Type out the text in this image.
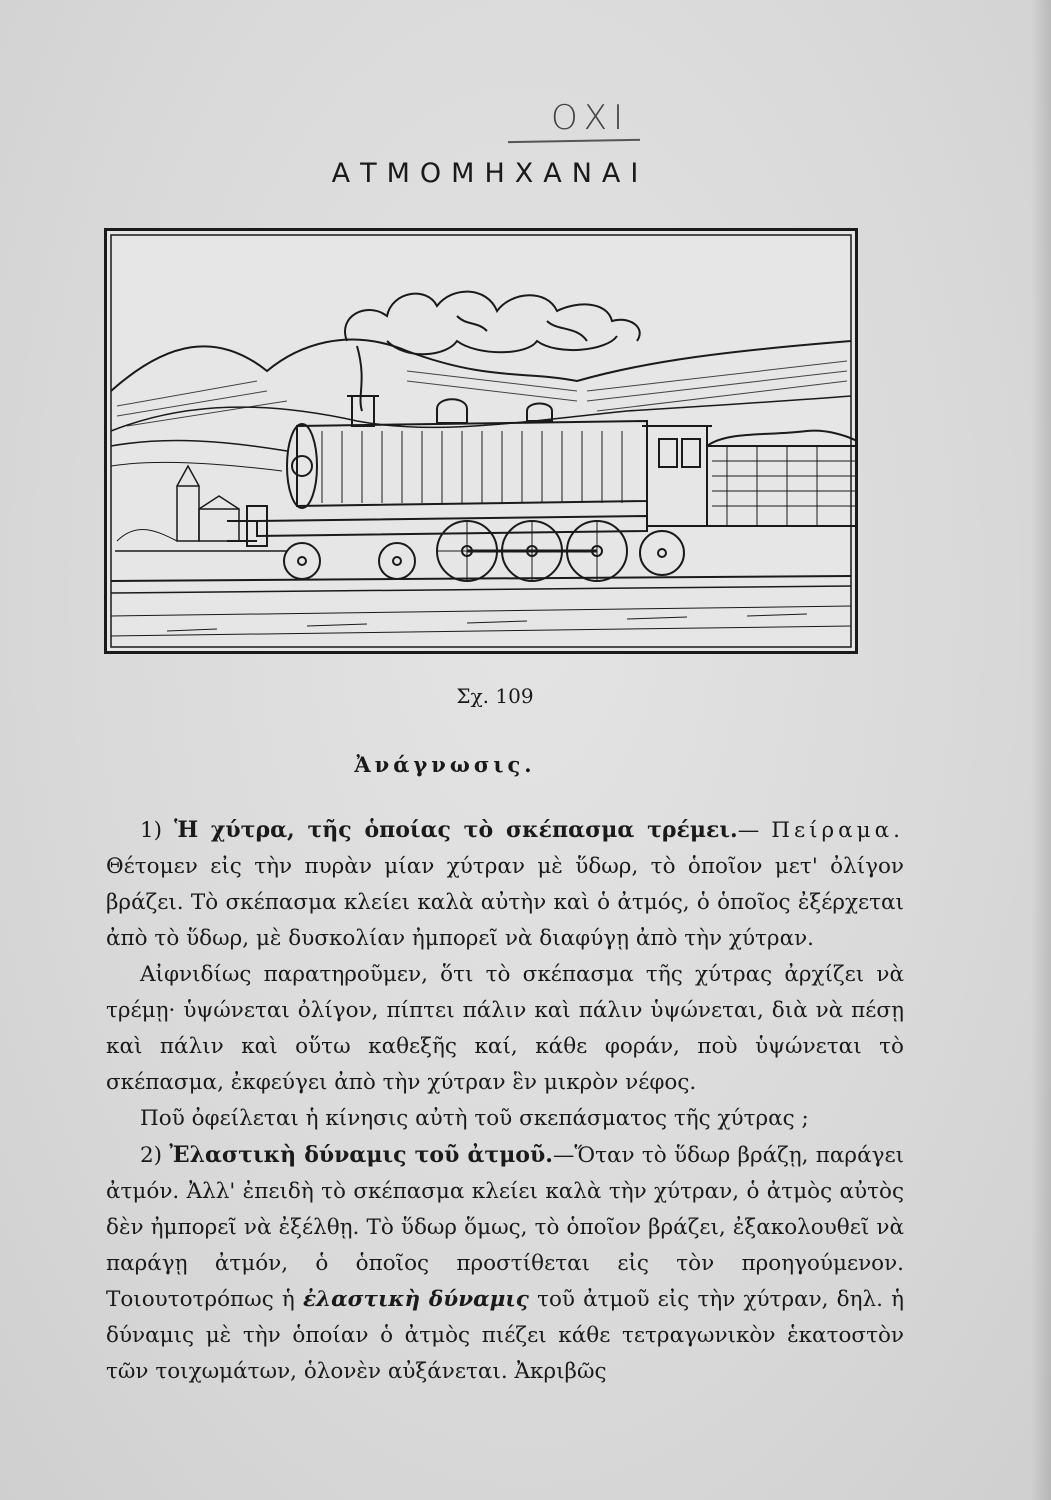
ΟΧΙ
ΑΤΜΟΜΗΧΑΝΑΙ
Σχ. 109
Ἀνάγνωσις.

1) Ἡ χύτρα, τῆς ὁποίας τὸ σκέπασμα τρέμει.— Πείραμα. Θέτομεν εἰς τὴν πυρὰν μίαν χύτραν μὲ ὕδωρ, τὸ ὁποῖον μετ' ὀλίγον βράζει. Τὸ σκέπασμα κλείει καλὰ αὐτὴν καὶ ὁ ἀτμός, ὁ ὁποῖος ἐξέρχεται ἀπὸ τὸ ὕδωρ, μὲ δυσκολίαν ἠμπορεῖ νὰ διαφύγῃ ἀπὸ τὴν χύτραν.

Αἰφνιδίως παρατηροῦμεν, ὅτι τὸ σκέπασμα τῆς χύτρας ἀρχίζει νὰ τρέμῃ· ὑψώνεται ὀλίγον, πίπτει πάλιν καὶ πάλιν ὑψώνεται, διὰ νὰ πέσῃ καὶ πάλιν καὶ οὕτω καθεξῆς καί, κάθε φοράν, ποὺ ὑψώνεται τὸ σκέπασμα, ἐκφεύγει ἀπὸ τὴν χύτραν ἓν μικρὸν νέφος.

Ποῦ ὀφείλεται ἡ κίνησις αὐτὴ τοῦ σκεπάσματος τῆς χύτρας ;

2) Ἐλαστικὴ δύναμις τοῦ ἀτμοῦ.—Ὅταν τὸ ὕδωρ βράζῃ, παράγει ἀτμόν. Ἀλλ' ἐπειδὴ τὸ σκέπασμα κλείει καλὰ τὴν χύτραν, ὁ ἀτμὸς αὐτὸς δὲν ἠμπορεῖ νὰ ἐξέλθῃ. Τὸ ὕδωρ ὅμως, τὸ ὁποῖον βράζει, ἐξακολουθεῖ νὰ παράγῃ ἀτμόν, ὁ ὁποῖος προστίθεται εἰς τὸν προηγούμενον. Τοιουτοτρόπως ἡ ἐλαστικὴ δύναμις τοῦ ἀτμοῦ εἰς τὴν χύτραν, δηλ. ἡ δύναμις μὲ τὴν ὁποίαν ὁ ἀτμὸς πιέζει κάθε τετραγωνικὸν ἑκατοστὸν τῶν τοιχωμάτων, ὁλονὲν αὐξάνεται. Ἀκριβῶς
